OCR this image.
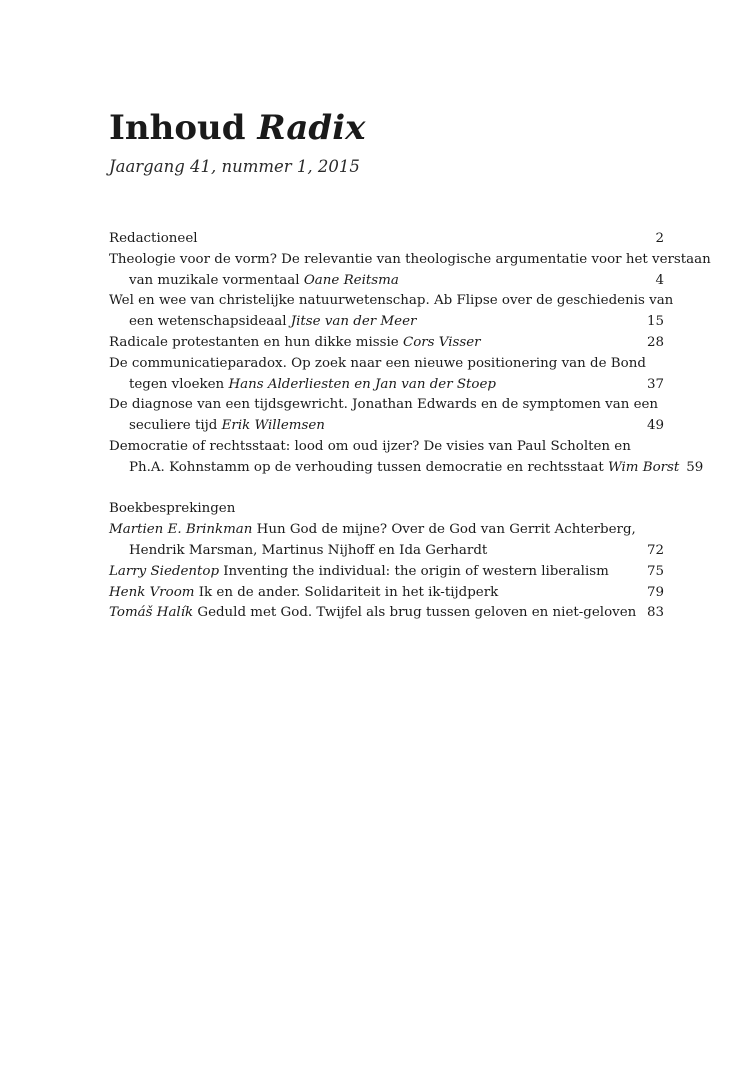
Inhoud Radix

Jaargang 41, nummer 1, 2015

Redactioneel	2
Theologie voor de vorm? De relevantie van theologische argumentatie voor het verstaan
van muzikale vormentaal Oane Reitsma	4
Wel en wee van christelijke natuurwetenschap. Ab Flipse over de geschiedenis van
een wetenschapsideaal Jitse van der Meer	15
Radicale protestanten en hun dikke missie Cors Visser	28
De communicatieparadox. Op zoek naar een nieuwe positionering van de Bond
tegen vloeken Hans Alderliesten en Jan van der Stoep	37
De diagnose van een tijdsgewricht. Jonathan Edwards en de symptomen van een
seculiere tijd Erik Willemsen	49
Democratie of rechtsstaat: lood om oud ijzer? De visies van Paul Scholten en
Ph.A. Kohnstamm op de verhouding tussen democratie en rechtsstaat Wim Borst 59
Boekbesprekingen
Martien E. Brinkman Hun God de mijne? Over de God van Gerrit Achterberg,
Hendrik Marsman, Martinus Nijhoff en Ida Gerhardt	72
Larry Siedentop Inventing the individual: the origin of western liberalism	75
Henk Vroom Ik en de ander. Solidariteit in het ik-tijdperk	79
Tomáš Halík Geduld met God. Twijfel als brug tussen geloven en niet-geloven 83
